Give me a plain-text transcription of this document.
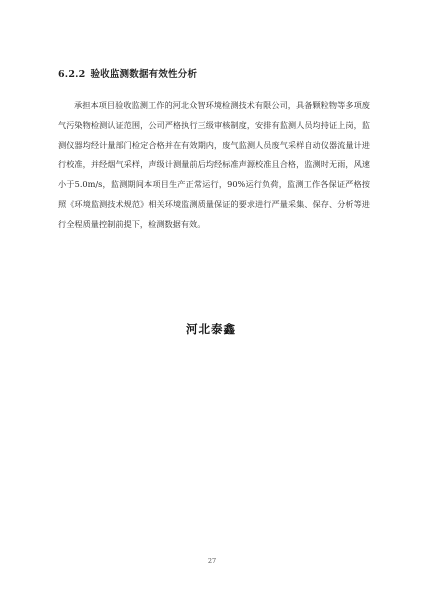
6.2.2 验收监测数据有效性分析

承担本项目验收监测工作的河北众智环境检测技术有限公司，具备颗粒物等多项废气污染物检测认证范围，公司严格执行三级审核制度，安排有监测人员均持证上岗，监测仪器均经计量部门检定合格并在有效期内，废气监测人员废气采样自动仪器流量计进行校准，并经烟气采样，声级计测量前后均经标准声源校准且合格，监测时无雨，风速小于5.0m/s，监测期间本项目生产正常运行，90%运行负荷，监测工作各保证严格按照《环境监测技术规范》相关环境监测质量保证的要求进行严量采集、保存、分析等进行全程质量控制前提下，检测数据有效。

河北泰鑫
27
